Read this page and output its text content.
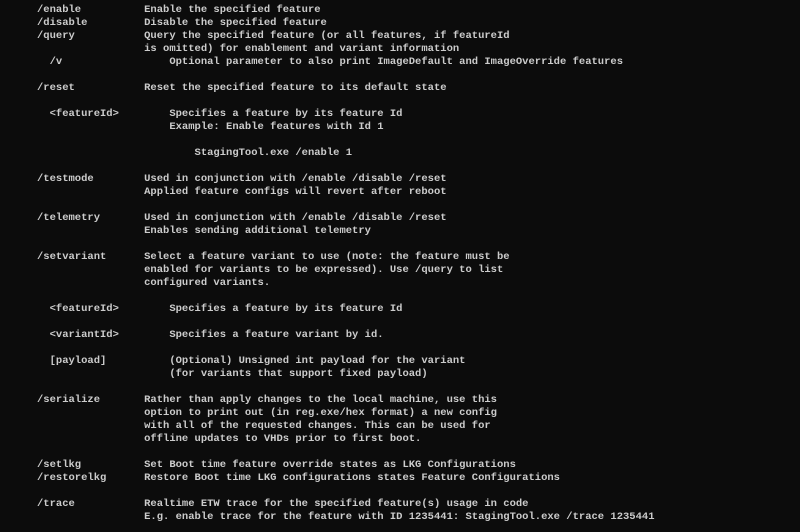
/enable          Enable the specified feature
/disable         Disable the specified feature
/query           Query the specified feature (or all features, if featureId
is omitted) for enablement and variant information
/v                 Optional parameter to also print ImageDefault and ImageOverride features
/reset           Reset the specified feature to its default state
<featureId>        Specifies a feature by its feature Id
Example: Enable features with Id 1
StagingTool.exe /enable 1
/testmode        Used in conjunction with /enable /disable /reset
Applied feature configs will revert after reboot
/telemetry       Used in conjunction with /enable /disable /reset
Enables sending additional telemetry
/setvariant      Select a feature variant to use (note: the feature must be
enabled for variants to be expressed). Use /query to list
configured variants.
<featureId>        Specifies a feature by its feature Id
<variantId>        Specifies a feature variant by id.
[payload]          (Optional) Unsigned int payload for the variant
(for variants that support fixed payload)
/serialize       Rather than apply changes to the local machine, use this
option to print out (in reg.exe/hex format) a new config
with all of the requested changes. This can be used for
offline updates to VHDs prior to first boot.
/setlkg          Set Boot time feature override states as LKG Configurations
/restorelkg      Restore Boot time LKG configurations states Feature Configurations
/trace           Realtime ETW trace for the specified feature(s) usage in code
E.g. enable trace for the feature with ID 1235441: StagingTool.exe /trace 1235441
